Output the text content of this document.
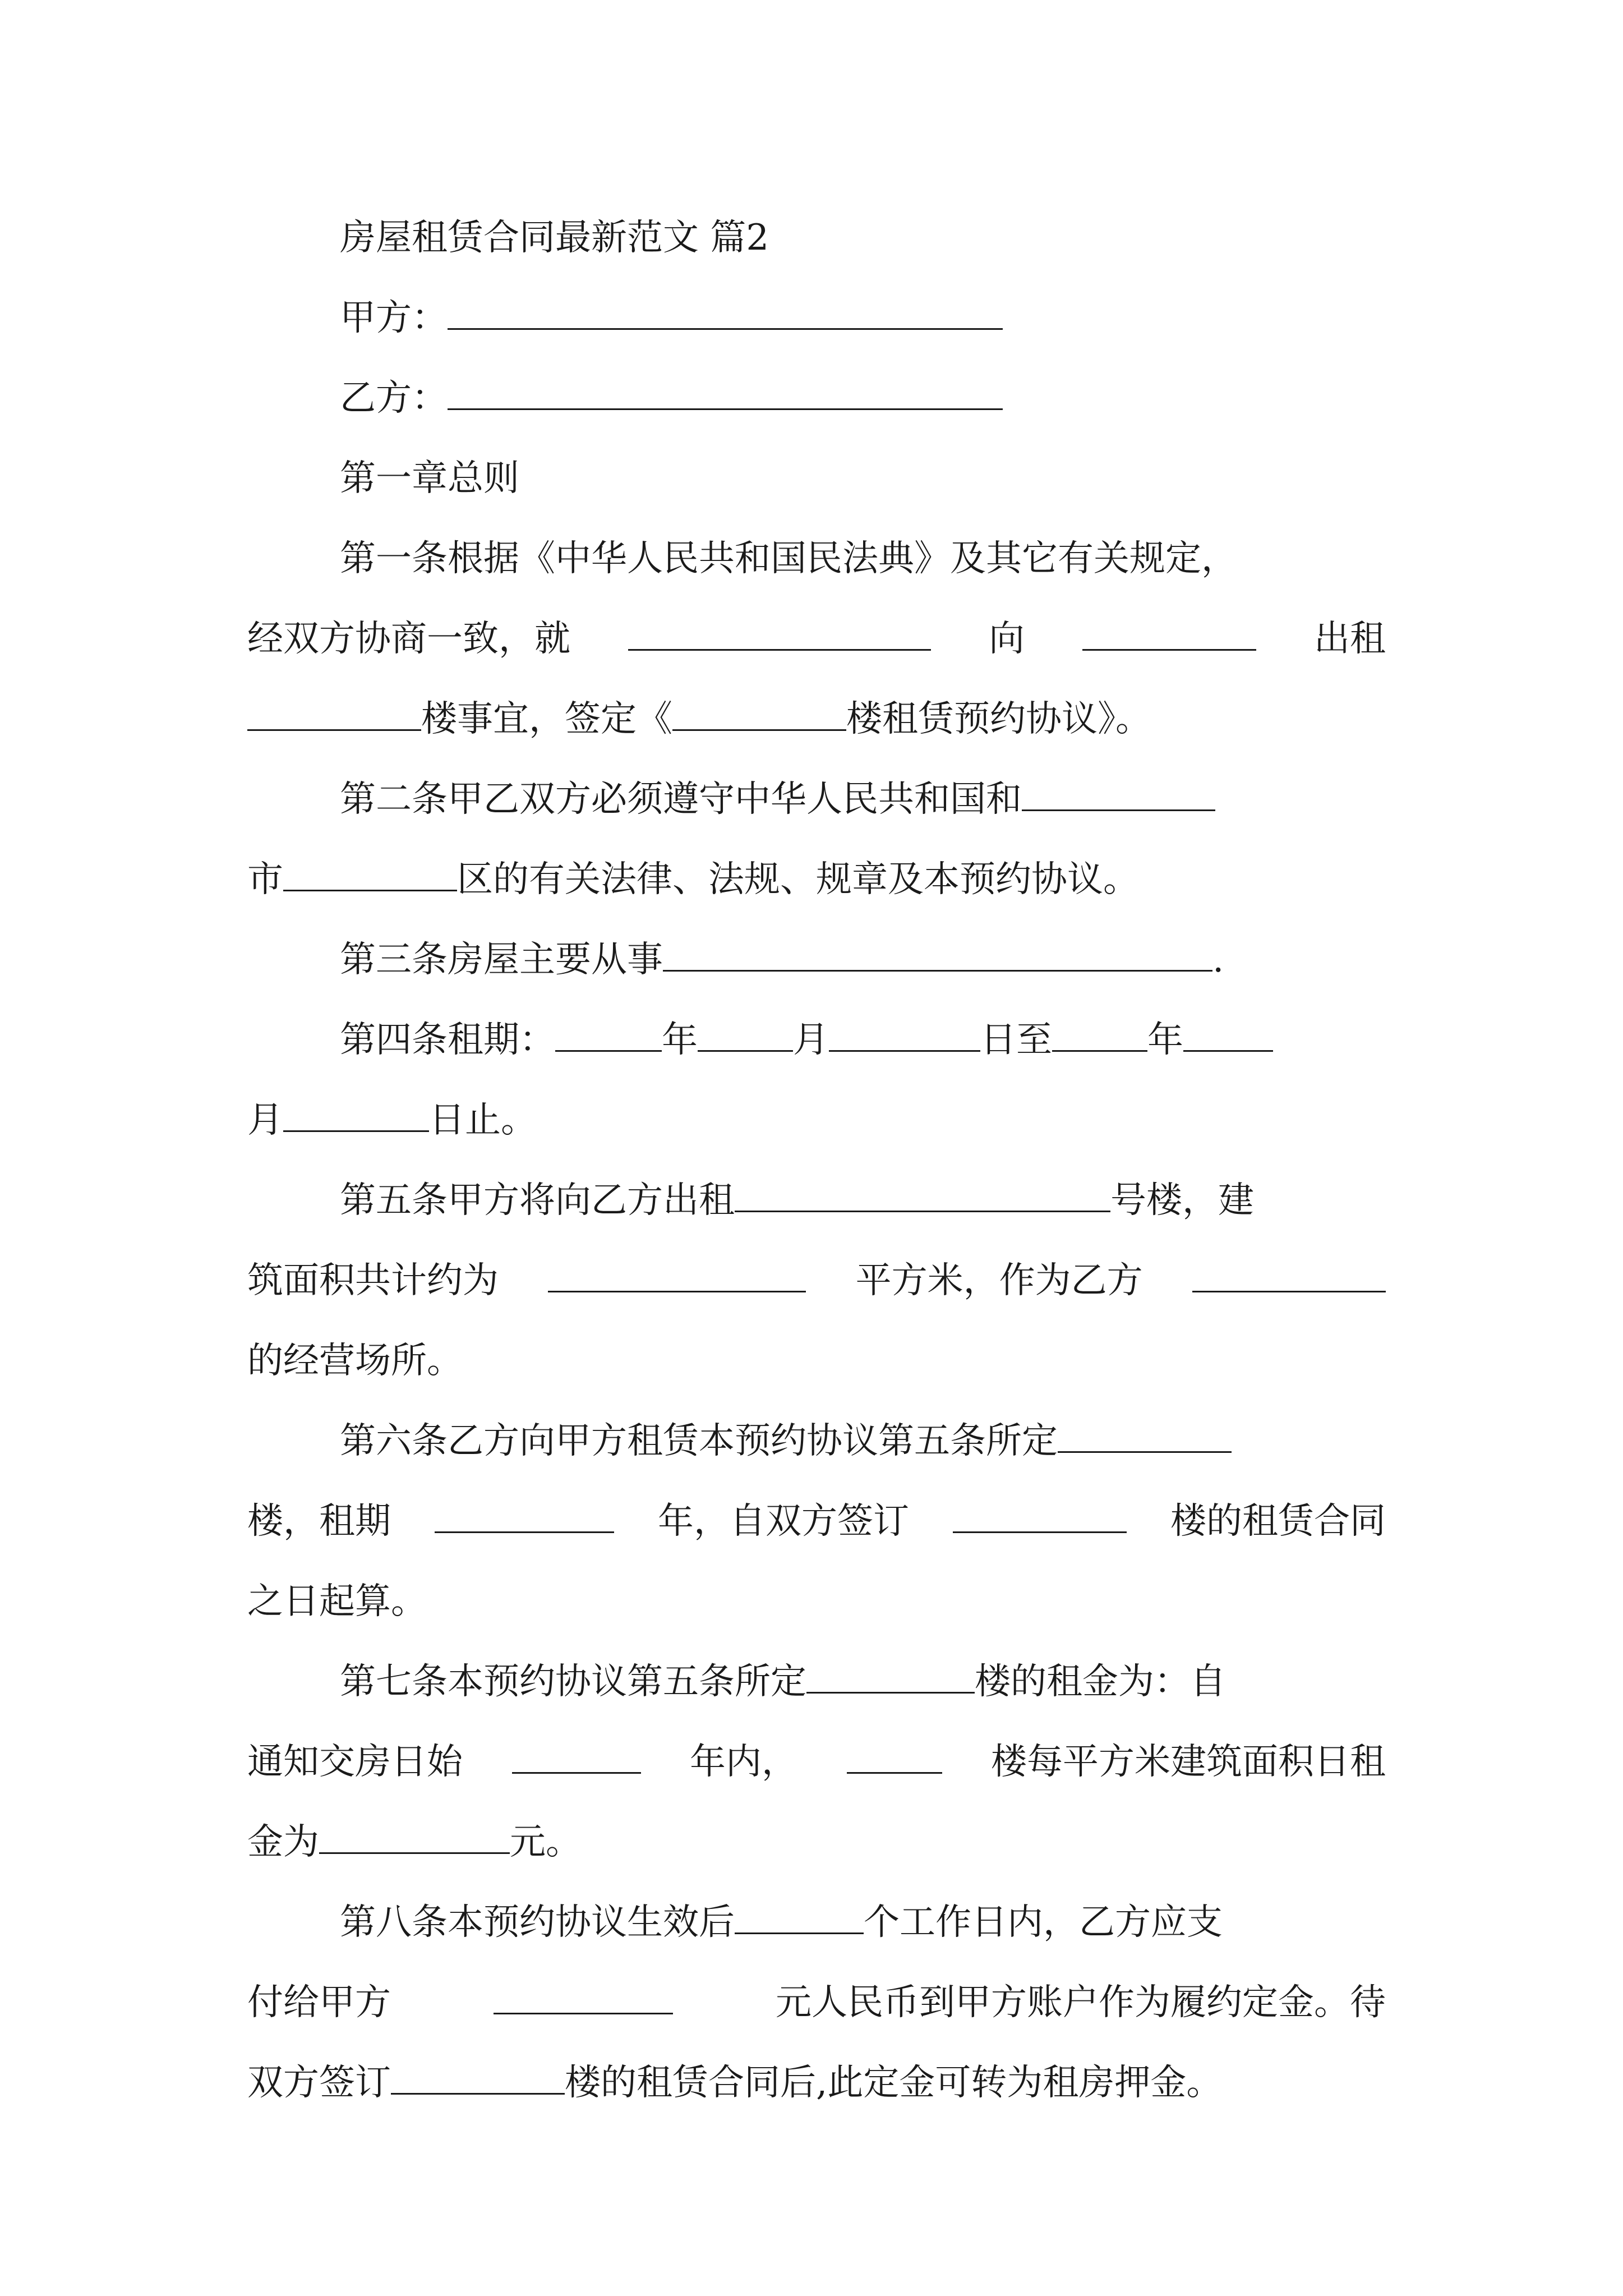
房屋租赁合同最新范文 篇2
甲方：
乙方：
第一章总则
第一条根据《中华人民共和国民法典》及其它有关规定，
经双方协商一致，就	向	出租
楼事宜，签定《	楼租赁预约协议》。
第二条甲乙双方必须遵守中华人民共和国和
市	区的有关法律、法规、规章及本预约协议。
第三条房屋主要从事	.
第四条租期：	年	月	日至	年
月	日止。
第五条甲方将向乙方出租	号楼，建
筑面积共计约为	平方米，作为乙方
的经营场所。
第六条乙方向甲方租赁本预约协议第五条所定
楼，租期	年，自双方签订	楼的租赁合同
之日起算。
第七条本预约协议第五条所定	楼的租金为：自
通知交房日始	年内，	楼每平方米建筑面积日租
金为	元。
第八条本预约协议生效后	个工作日内，乙方应支
付给甲方	元人民币到甲方账户作为履约定金。待
双方签订	楼的租赁合同后,此定金可转为租房押金。
